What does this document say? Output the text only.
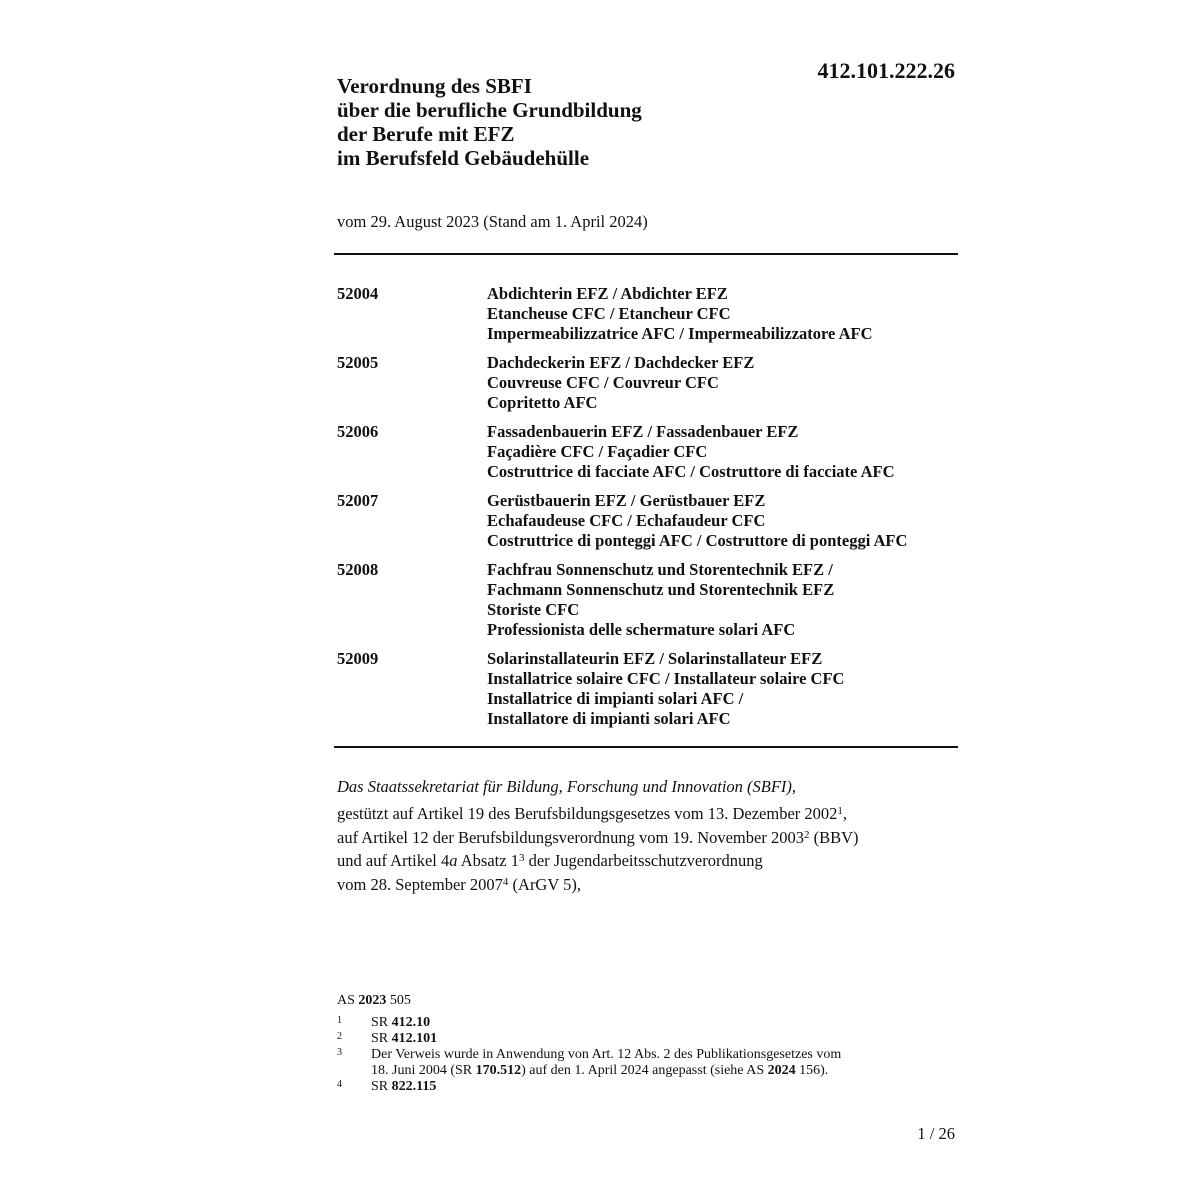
412.101.222.26
Verordnung des SBFI
über die berufliche Grundbildung
der Berufe mit EFZ
im Berufsfeld Gebäudehülle
vom 29. August 2023 (Stand am 1. April 2024)
52004	Abdichterin EFZ / Abdichter EFZ
Etancheuse CFC / Etancheur CFC
Impermeabilizzatrice AFC / Impermeabilizzatore AFC
52005	Dachdeckerin EFZ / Dachdecker EFZ
Couvreuse CFC / Couvreur CFC
Copritetto AFC
52006	Fassadenbauerin EFZ / Fassadenbauer EFZ
Façadière CFC / Façadier CFC
Costruttrice di facciate AFC / Costruttore di facciate AFC
52007	Gerüstbauerin EFZ / Gerüstbauer EFZ
Echafaudeuse CFC / Echafaudeur CFC
Costruttrice di ponteggi AFC / Costruttore di ponteggi AFC
52008	Fachfrau Sonnenschutz und Storentechnik EFZ /
Fachmann Sonnenschutz und Storentechnik EFZ
Storiste CFC
Professionista delle schermature solari AFC
52009	Solarinstallateurin EFZ / Solarinstallateur EFZ
Installatrice solaire CFC / Installateur solaire CFC
Installatrice di impianti solari AFC /
Installatore di impianti solari AFC
Das Staatssekretariat für Bildung, Forschung und Innovation (SBFI),
gestützt auf Artikel 19 des Berufsbildungsgesetzes vom 13. Dezember 2002$^1$,
auf Artikel 12 der Berufsbildungsverordnung vom 19. November 2003$^2$ (BBV)
und auf Artikel 4a Absatz 1$^3$ der Jugendarbeitsschutzverordnung
vom 28. September 2007$^4$ (ArGV 5),
AS 2023 505
1	SR 412.10
2	SR 412.101
3	Der Verweis wurde in Anwendung von Art. 12 Abs. 2 des Publikationsgesetzes vom
18. Juni 2004 (SR 170.512) auf den 1. April 2024 angepasst (siehe AS 2024 156).
4	SR 822.115
1 / 26
